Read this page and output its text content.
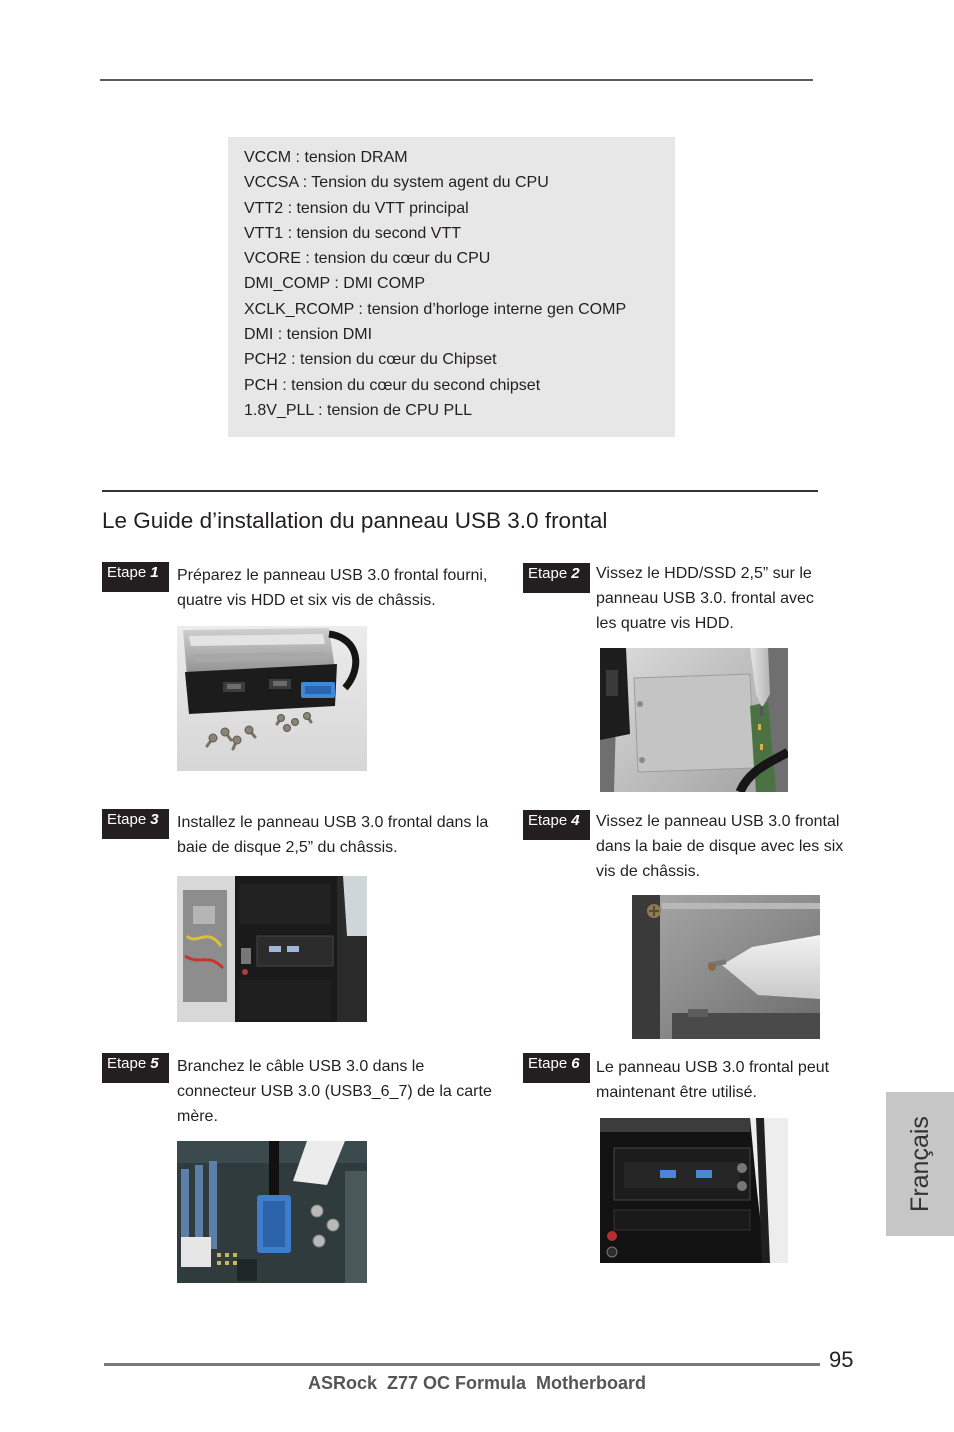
VCCM : tension DRAM
VCCSA : Tension du system agent du CPU
VTT2 : tension du VTT principal
VTT1 : tension du second VTT
VCORE : tension du cœur du CPU
DMI_COMP : DMI COMP
XCLK_RCOMP : tension d’horloge interne gen COMP
DMI : tension DMI
PCH2 : tension du cœur du Chipset
PCH : tension du cœur du second chipset
1.8V_PLL : tension de CPU PLL
Le Guide d’installation du panneau USB 3.0 frontal
Etape 1	Préparez le panneau USB 3.0 frontal fourni,
quatre vis HDD et six vis de châssis.
Etape 2	Vissez le HDD/SSD 2,5” sur le
panneau USB 3.0. frontal avec
les quatre vis HDD.
Etape 3	Installez le panneau USB 3.0 frontal dans la
baie de disque 2,5” du châssis.
Etape 4	Vissez le panneau USB 3.0 frontal
dans la baie de disque avec les six
vis de châssis.
Etape 5	Branchez le câble USB 3.0 dans le
connecteur USB 3.0 (USB3_6_7) de la carte
mère.
Etape 6	Le panneau USB 3.0 frontal peut
maintenant être utilisé.
Français
95
ASRock  Z77 OC Formula  Motherboard
